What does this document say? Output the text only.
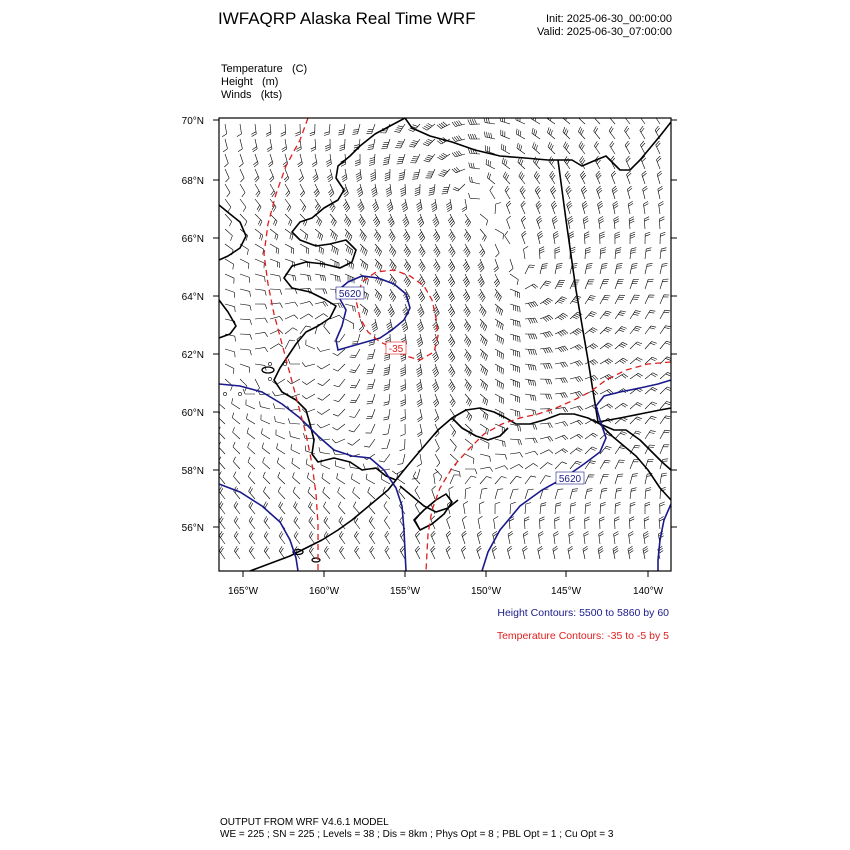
IWFAQRP Alaska Real Time WRF	Init: 2025-06-30_00:00:00
Valid: 2025-06-30_07:00:00
Temperature (C)
Height (m)
Winds (kts)
5620
5620
-35
70°N
68°N
66°N
64°N
62°N
60°N
58°N
56°N
165°W	160°W	155°W	150°W	145°W	140°W
Height Contours: 5500 to 5860 by 60
Temperature Contours: -35 to -5 by 5
OUTPUT FROM WRF V4.6.1 MODEL
WE = 225 ; SN = 225 ; Levels = 38 ; Dis = 8km ; Phys Opt = 8 ; PBL Opt = 1 ; Cu Opt = 3
